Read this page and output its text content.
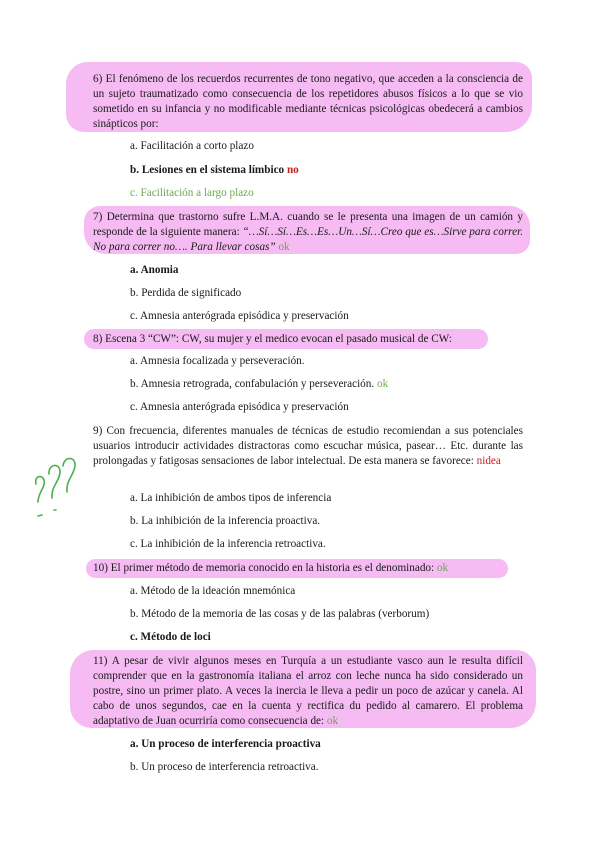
6) El fenómeno de los recuerdos recurrentes de tono negativo, que acceden a la consciencia de un sujeto traumatizado como consecuencia de los repetidores abusos físicos a lo que se vio sometido en su infancia y no modificable mediante técnicas psicológicas obedecerá a cambios sinápticos por:
a. Facilitación a corto plazo
b. Lesiones en el sistema límbico no
c. Facilitación a largo plazo
7) Determina que trastorno sufre L.M.A. cuando se le presenta una imagen de un camión y responde de la siguiente manera: “…Sí…Sí…Es…Es…Un…Sí…Creo que es…Sirve para correr. No para correr no…. Para llevar cosas” ok
a. Anomia
b. Perdida de significado
c. Amnesia anterógrada episódica y preservación
8) Escena 3 “CW”: CW, su mujer y el medico evocan el pasado musical de CW:
a. Amnesia focalizada y perseveración.
b. Amnesia retrograda, confabulación y perseveración. ok
c. Amnesia anterógrada episódica y preservación
9) Con frecuencia, diferentes manuales de técnicas de estudio recomiendan a sus potenciales usuarios introducir actividades distractoras como escuchar música, pasear… Etc. durante las prolongadas y fatigosas sensaciones de labor intelectual. De esta manera se favorece: nidea
a. La inhibición de ambos tipos de inferencia
b. La inhibición de la inferencia proactiva.
c. La inhibición de la inferencia retroactiva.
10) El primer método de memoria conocido en la historia es el denominado: ok
a. Método de la ideación mnemónica
b. Método de la memoria de las cosas y de las palabras (verborum)
c. Método de loci
11) A pesar de vivir algunos meses en Turquía a un estudiante vasco aun le resulta difícil comprender que en la gastronomía italiana el arroz con leche nunca ha sido considerado un postre, sino un primer plato. A veces la inercia le lleva a pedir un poco de azúcar y canela. Al cabo de unos segundos, cae en la cuenta y rectifica du pedido al camarero. El problema adaptativo de Juan ocurriría como consecuencia de: ok
a. Un proceso de interferencia proactiva
b. Un proceso de interferencia retroactiva.
